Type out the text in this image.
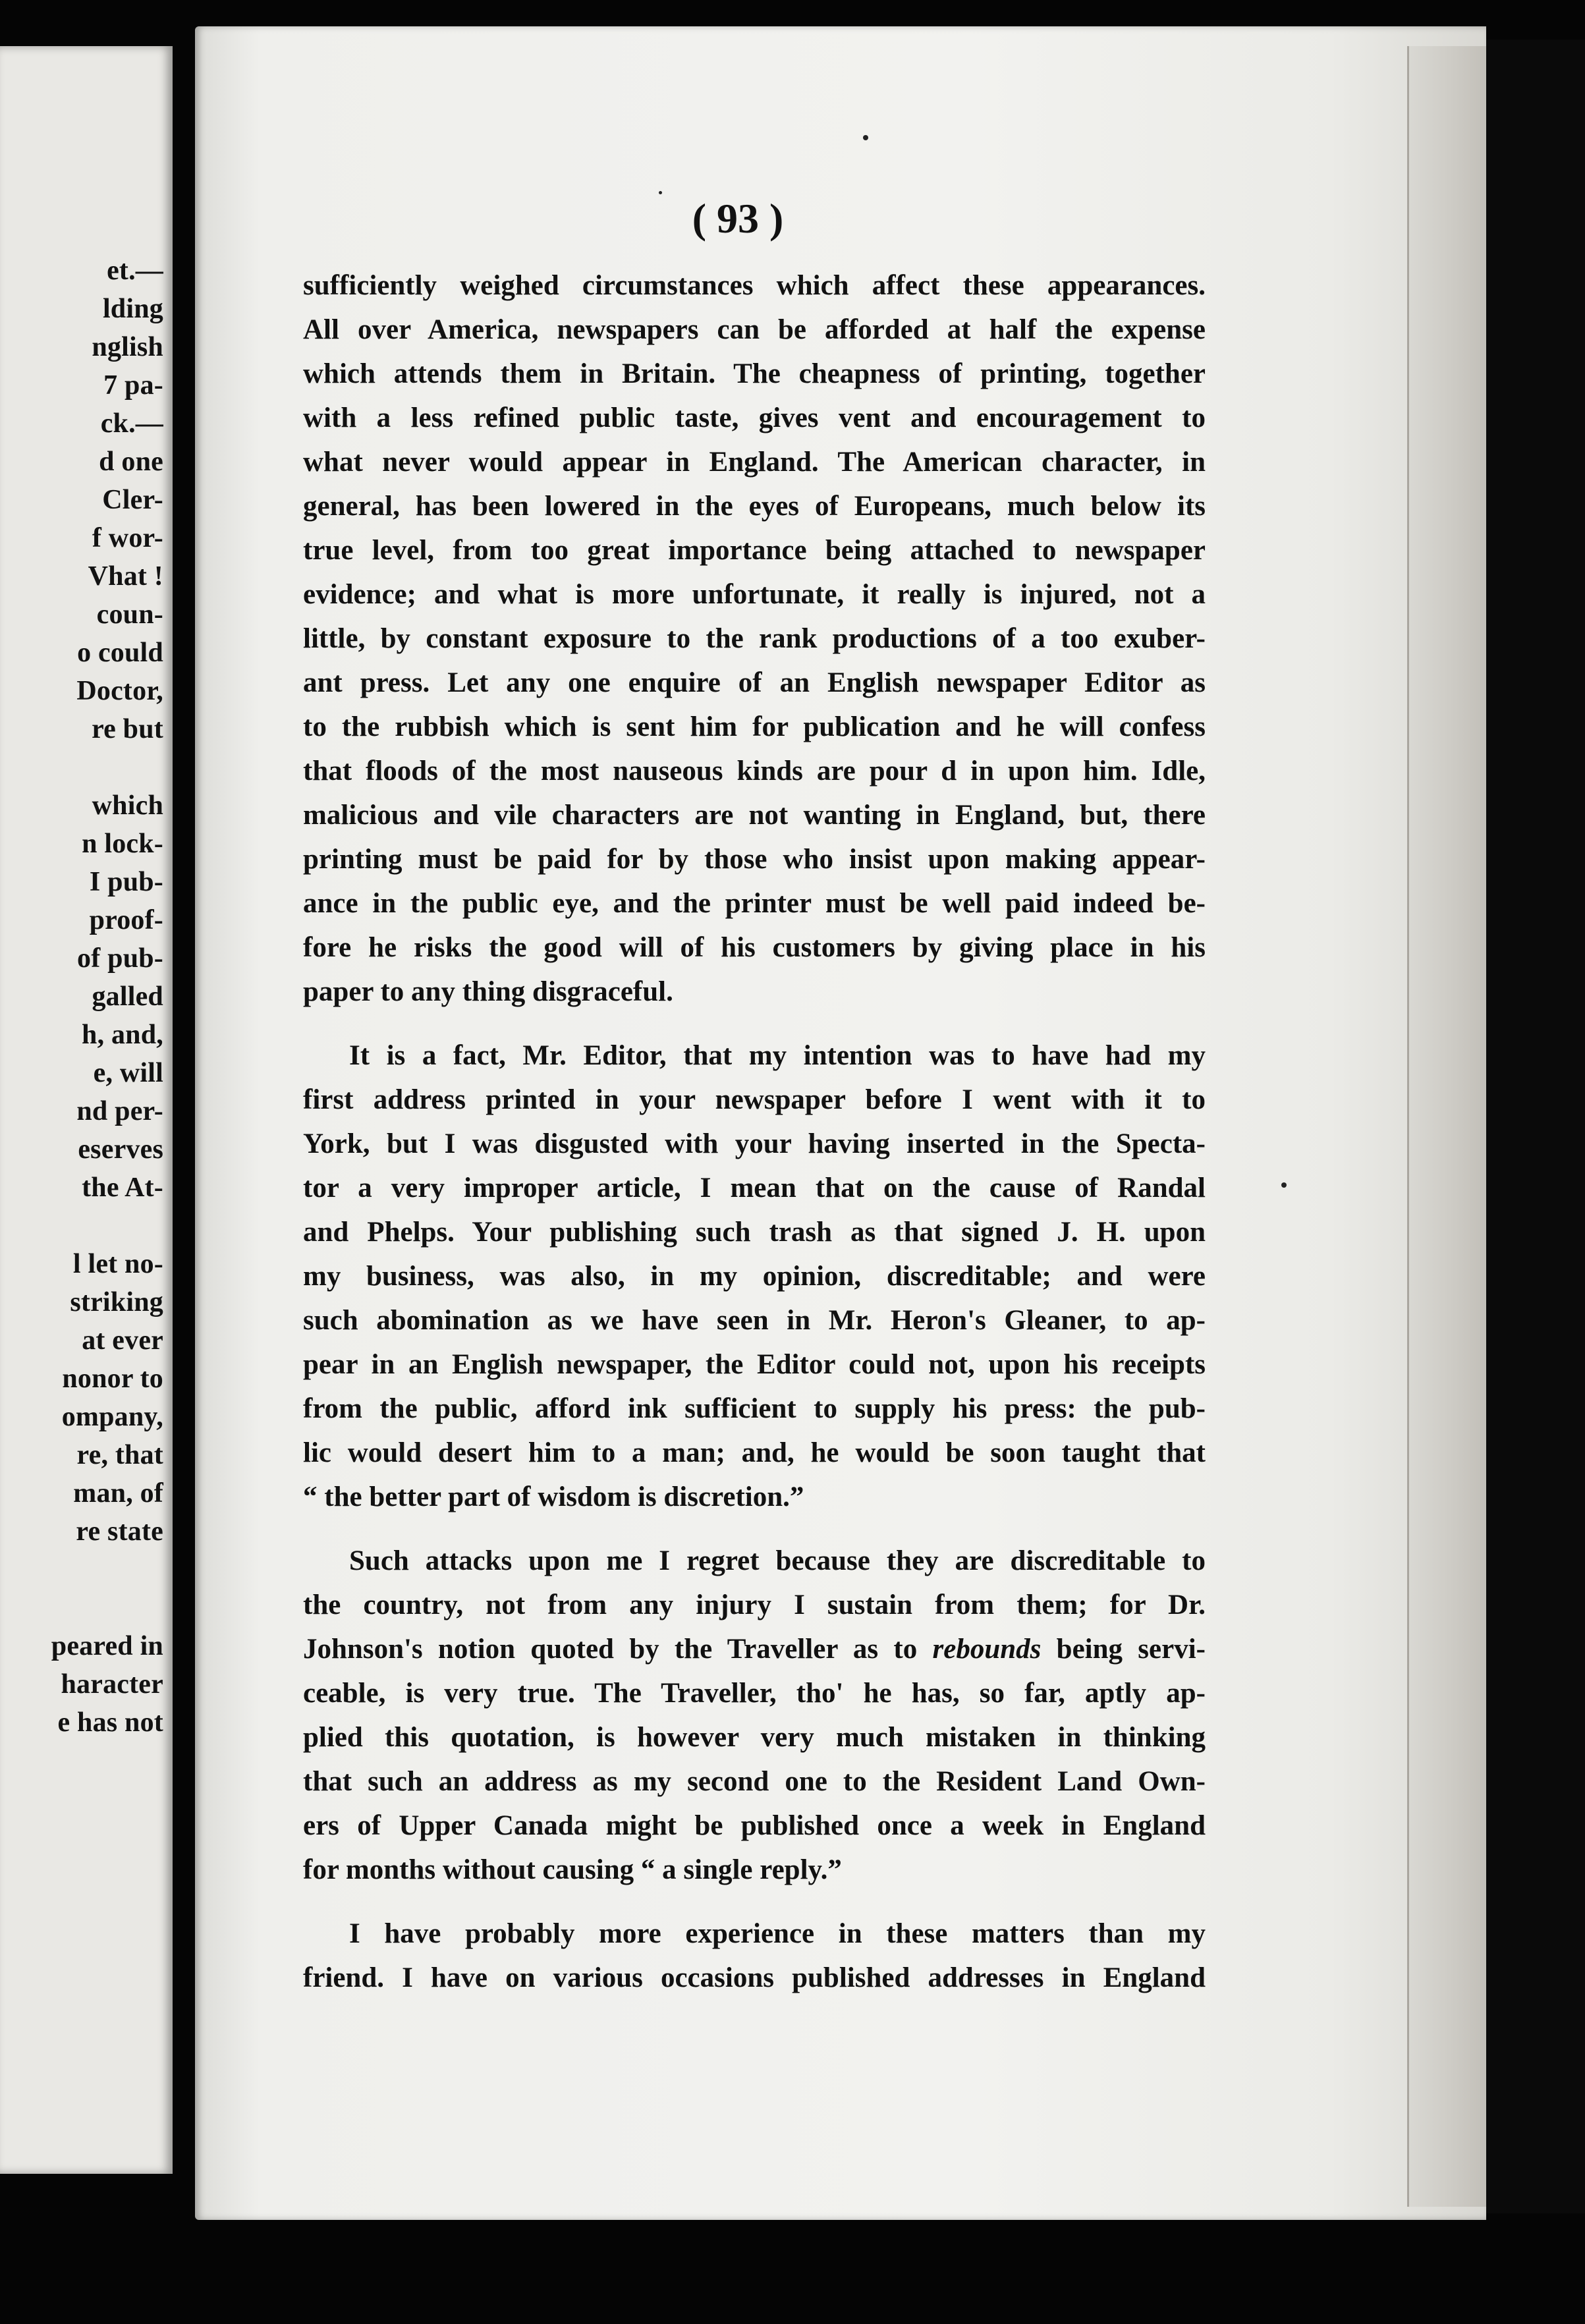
et.—
lding
nglish
7 pa-
ck.—
d one
Cler-
f wor-
Vhat !
coun-
o could
Doctor,
re but
which
n lock-
I pub-
proof-
of pub-
galled
h, and,
e, will
nd per-
eserves
the At-
l let no-
striking
at ever
nonor to
ompany,
re, that
man, of
re state
peared in
haracter
e has not
( 93 )
sufficiently weighed circumstances which affect these appearances.
All over America, newspapers can be afforded at half the expense
which attends them in Britain. The cheapness of printing, together
with a less refined public taste, gives vent and encouragement to
what never would appear in England. The American character, in
general, has been lowered in the eyes of Europeans, much below its
true level, from too great importance being attached to newspaper
evidence; and what is more unfortunate, it really is injured, not a
little, by constant exposure to the rank productions of a too exuber-
ant press. Let any one enquire of an English newspaper Editor as
to the rubbish which is sent him for publication and he will confess
that floods of the most nauseous kinds are pour d in upon him. Idle,
malicious and vile characters are not wanting in England, but, there
printing must be paid for by those who insist upon making appear-
ance in the public eye, and the printer must be well paid indeed be-
fore he risks the good will of his customers by giving place in his
paper to any thing disgraceful.
It is a fact, Mr. Editor, that my intention was to have had my
first address printed in your newspaper before I went with it to
York, but I was disgusted with your having inserted in the Specta-
tor a very improper article, I mean that on the cause of Randal
and Phelps. Your publishing such trash as that signed J. H. upon
my business, was also, in my opinion, discreditable; and were
such abomination as we have seen in Mr. Heron's Gleaner, to ap-
pear in an English newspaper, the Editor could not, upon his receipts
from the public, afford ink sufficient to supply his press: the pub-
lic would desert him to a man; and, he would be soon taught that
“ the better part of wisdom is discretion.”
Such attacks upon me I regret because they are discreditable to
the country, not from any injury I sustain from them; for Dr.
Johnson's notion quoted by the Traveller as to rebounds being servi-
ceable, is very true. The Traveller, tho' he has, so far, aptly ap-
plied this quotation, is however very much mistaken in thinking
that such an address as my second one to the Resident Land Own-
ers of Upper Canada might be published once a week in England
for months without causing “ a single reply.”
I have probably more experience in these matters than my
friend. I have on various occasions published addresses in England
